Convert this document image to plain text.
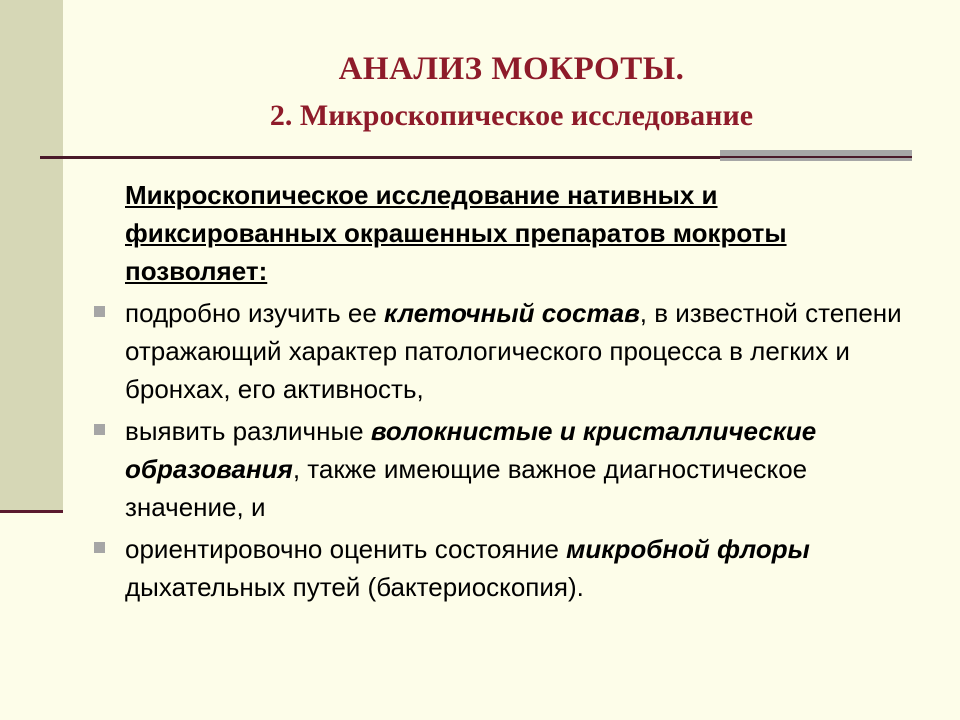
АНАЛИЗ МОКРОТЫ.
2. Микроскопическое исследование
Микроскопическое исследование нативных и фиксированных окрашенных препаратов мокроты позволяет:
подробно изучить ее клеточный состав, в известной степени отражающий характер патологического процесса в легких и бронхах, его активность,
выявить различные волокнистые и кристаллические образования, также имеющие важное диагностическое значение, и
ориентировочно оценить состояние микробной флоры дыхательных путей (бактериоскопия).
